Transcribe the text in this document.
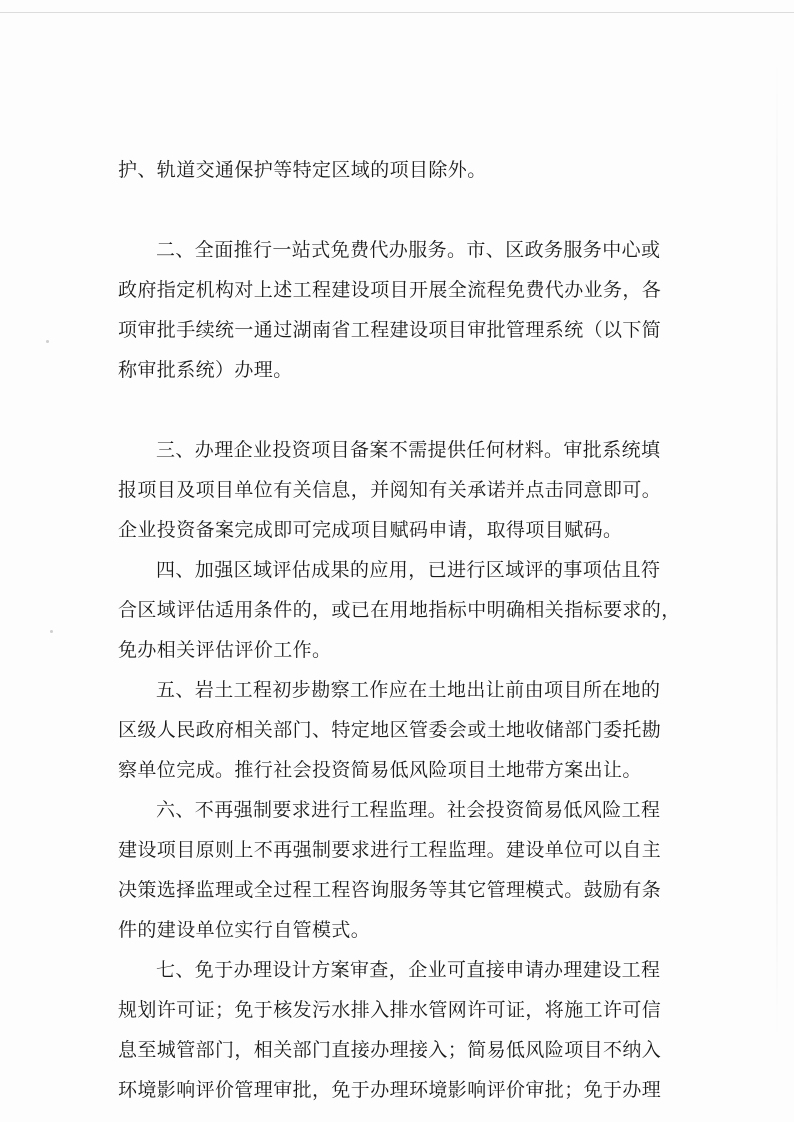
护、轨道交通保护等特定区域的项目除外。
二、全面推行一站式免费代办服务。市、区政务服务中心或
政府指定机构对上述工程建设项目开展全流程免费代办业务，各
项审批手续统一通过湖南省工程建设项目审批管理系统（以下简
称审批系统）办理。
三、办理企业投资项目备案不需提供任何材料。审批系统填
报项目及项目单位有关信息，并阅知有关承诺并点击同意即可。
企业投资备案完成即可完成项目赋码申请，取得项目赋码。
四、加强区域评估成果的应用，已进行区域评的事项估且符
合区域评估适用条件的，或已在用地指标中明确相关指标要求的，
免办相关评估评价工作。
五、岩土工程初步勘察工作应在土地出让前由项目所在地的
区级人民政府相关部门、特定地区管委会或土地收储部门委托勘
察单位完成。推行社会投资简易低风险项目土地带方案出让。
六、不再强制要求进行工程监理。社会投资简易低风险工程
建设项目原则上不再强制要求进行工程监理。建设单位可以自主
决策选择监理或全过程工程咨询服务等其它管理模式。鼓励有条
件的建设单位实行自管模式。
七、免于办理设计方案审查，企业可直接申请办理建设工程
规划许可证；免于核发污水排入排水管网许可证，将施工许可信
息至城管部门，相关部门直接办理接入；简易低风险项目不纳入
环境影响评价管理审批，免于办理环境影响评价审批；免于办理
